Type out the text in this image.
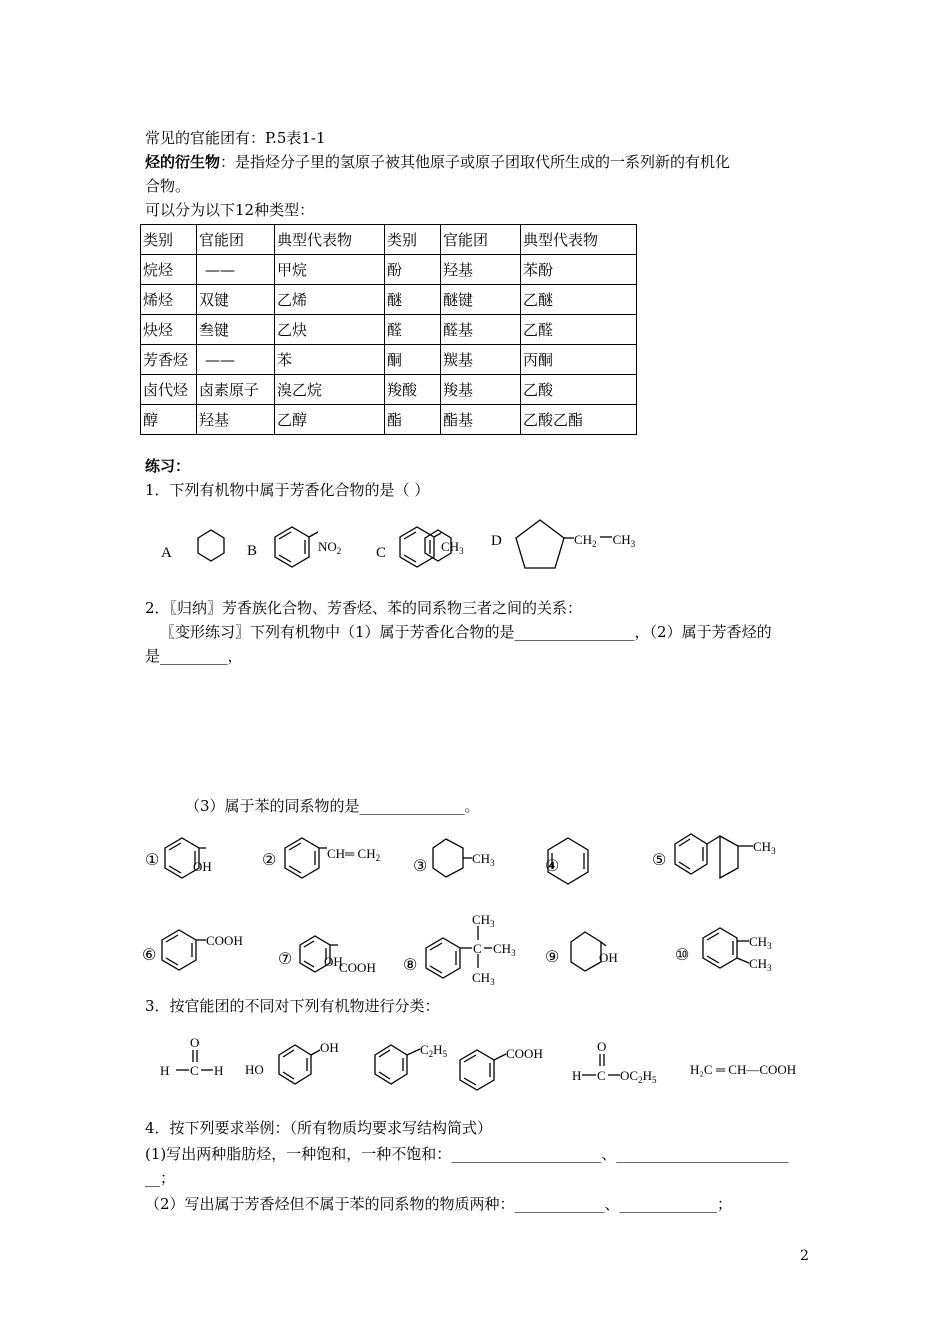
常见的官能团有：P.5表1-1
烃的衍生物：是指烃分子里的氢原子被其他原子或原子团取代所生成的一系列新的有机化
合物。
可以分为以下12种类型：
类别	官能团	典型代表物	类别	官能团	典型代表物
烷烃	——	甲烷	酚	羟基	苯酚
烯烃	双键	乙烯	醚	醚键	乙醚
炔烃	叁键	乙炔	醛	醛基	乙醛
芳香烃	——	苯	酮	羰基	丙酮
卤代烃	卤素原子	溴乙烷	羧酸	羧基	乙酸
醇	羟基	乙醇	酯	酯基	乙酸乙酯
练习：
1．下列有机物中属于芳香化合物的是（ ）
A	B	C
D
$NO_2$	$CH_3$
$CH_2$ $CH_3$
2．〖归纳〗芳香族化合物、芳香烃、苯的同系物三者之间的关系：
〖变形练习〗下列有机物中（1）属于芳香化合物的是________________，（2）属于芳香烃的
是_________，
（3）属于苯的同系物的是______________。
①	OH	②	CH═ $CH_2$ ③	$CH_3$	④	⑤
$CH_3$
⑥
COOH
⑦ OH
COOH ⑧
$CH_3$
C $CH_3$
$CH_3$
⑨	OH	⑩
$CH_3$
$CH_3$
3．按官能团的不同对下列有机物进行分类：
O
H C H HO
OH	$C_2H_5$	COOH	O
H C $OC_2H_5$
H₂C ═ CH—COOH
4．按下列要求举例：（所有物质均要求写结构简式）
(1)写出两种脂肪烃，一种饱和，一种不饱和：____________________、_______________________
__；
（2）写出属于芳香烃但不属于苯的同系物的物质两种：____________、_____________；
2
